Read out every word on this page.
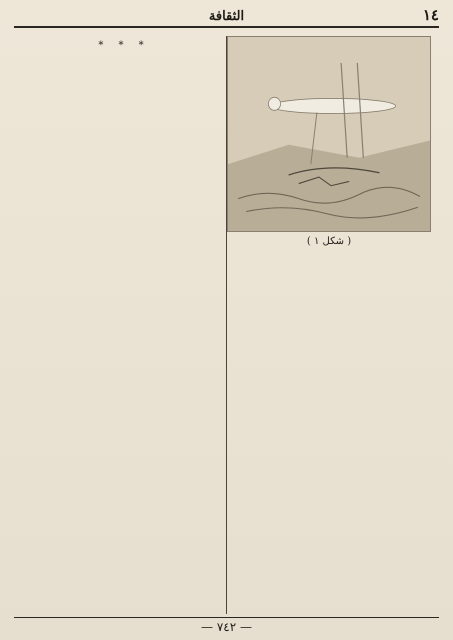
١٤
الثقافة
* * *
( شكل ١ )
— ٧٤٢ —
